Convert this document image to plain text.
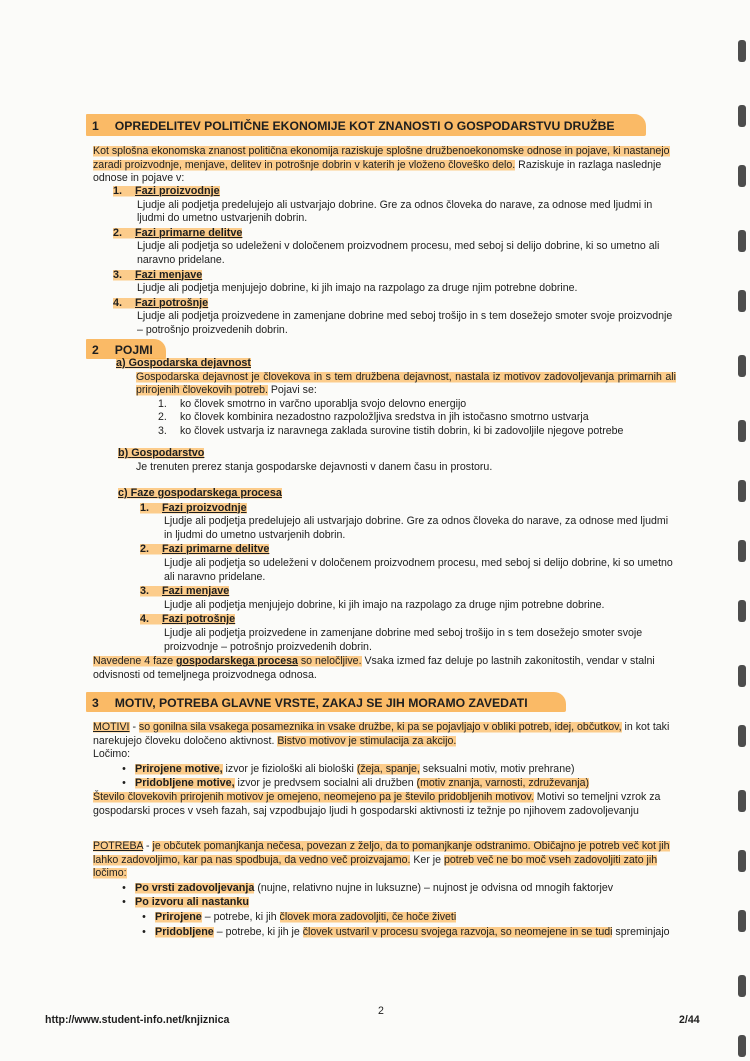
1 OPREDELITEV POLITIČNE EKONOMIJE KOT ZNANOSTI O GOSPODARSTVU DRUŽBE
Kot splošna ekonomska znanost politična ekonomija raziskuje splošne družbenoekonomske odnose in pojave, ki nastanejo zaradi proizvodnje, menjave, delitev in potrošnje dobrin v katerih je vloženo človeško delo. Raziskuje in razlaga naslednje odnose in pojave v:
1. Fazi proizvodnje
Ljudje ali podjetja predelujejo ali ustvarjajo dobrine. Gre za odnos človeka do narave, za odnose med ljudmi in ljudmi do umetno ustvarjenih dobrin.
2. Fazi primarne delitve
Ljudje ali podjetja so udeleženi v določenem proizvodnem procesu, med seboj si delijo dobrine, ki so umetno ali naravno pridelane.
3. Fazi menjave
Ljudje ali podjetja menjujejo dobrine, ki jih imajo na razpolago za druge njim potrebne dobrine.
4. Fazi potrošnje
Ljudje ali podjetja proizvedene in zamenjane dobrine med seboj trošijo in s tem dosežejo smoter svoje proizvodnje – potrošnjo proizvedenih dobrin.
2 POJMI
a) Gospodarska dejavnost
Gospodarska dejavnost je človekova in s tem družbena dejavnost, nastala iz motivov zadovoljevanja primarnih ali prirojenih človekovih potreb. Pojavi se:
1. ko človek smotrno in varčno uporablja svojo delovno energijo
2. ko človek kombinira nezadostno razpoložljiva sredstva in jih istočasno smotrno ustvarja
3. ko človek ustvarja iz naravnega zaklada surovine tistih dobrin, ki bi zadovoljile njegove potrebe
b) Gospodarstvo
Je trenuten prerez stanja gospodarske dejavnosti v danem času in prostoru.
c) Faze gospodarskega procesa
1. Fazi proizvodnje
Ljudje ali podjetja predelujejo ali ustvarjajo dobrine. Gre za odnos človeka do narave, za odnose med ljudmi in ljudmi do umetno ustvarjenih dobrin.
2. Fazi primarne delitve
Ljudje ali podjetja so udeleženi v določenem proizvodnem procesu, med seboj si delijo dobrine, ki so umetno ali naravno pridelane.
3. Fazi menjave
Ljudje ali podjetja menjujejo dobrine, ki jih imajo na razpolago za druge njim potrebne dobrine.
4. Fazi potrošnje
Ljudje ali podjetja proizvedene in zamenjane dobrine med seboj trošijo in s tem dosežejo smoter svoje proizvodnje – potrošnjo proizvedenih dobrin.
Navedene 4 faze gospodarskega procesa so neločljive. Vsaka izmed faz deluje po lastnih zakonitostih, vendar v stalni odvisnosti od temeljnega proizvodnega odnosa.
3 MOTIV, POTREBA GLAVNE VRSTE, ZAKAJ SE JIH MORAMO ZAVEDATI
MOTIVI - so gonilna sila vsakega posameznika in vsake družbe, ki pa se pojavljajo v obliki potreb, idej, občutkov, in kot taki narekujejo človeku določeno aktivnost. Bistvo motivov je stimulacija za akcijo.
Ločimo:
• Prirojene motive, izvor je fiziološki ali biološki (žeja, spanje, seksualni motiv, motiv prehrane)
• Pridobljene motive, izvor je predvsem socialni ali družben (motiv znanja, varnosti, združevanja)
Število človekovih prirojenih motivov je omejeno, neomejeno pa je število pridobljenih motivov. Motivi so temeljni vzrok za gospodarski proces v vseh fazah, saj vzpodbujajo ljudi h gospodarski aktivnosti iz težnje po njihovem zadovoljevanju
POTREBA - je občutek pomanjkanja nečesa, povezan z željo, da to pomanjkanje odstranimo. Običajno je potreb več kot jih lahko zadovoljimo, kar pa nas spodbuja, da vedno več proizvajamo. Ker je potreb več ne bo moč vseh zadovoljiti zato jih ločimo:
• Po vrsti zadovoljevanja (nujne, relativno nujne in luksuzne) – nujnost je odvisna od mnogih faktorjev
• Po izvoru ali nastanku
• Prirojene – potrebe, ki jih človek mora zadovoljiti, če hoče živeti
• Pridobljene – potrebe, ki jih je človek ustvaril v procesu svojega razvoja, so neomejene in se tudi spreminjajo
http://www.student-info.net/knjiznica
2
2/44
